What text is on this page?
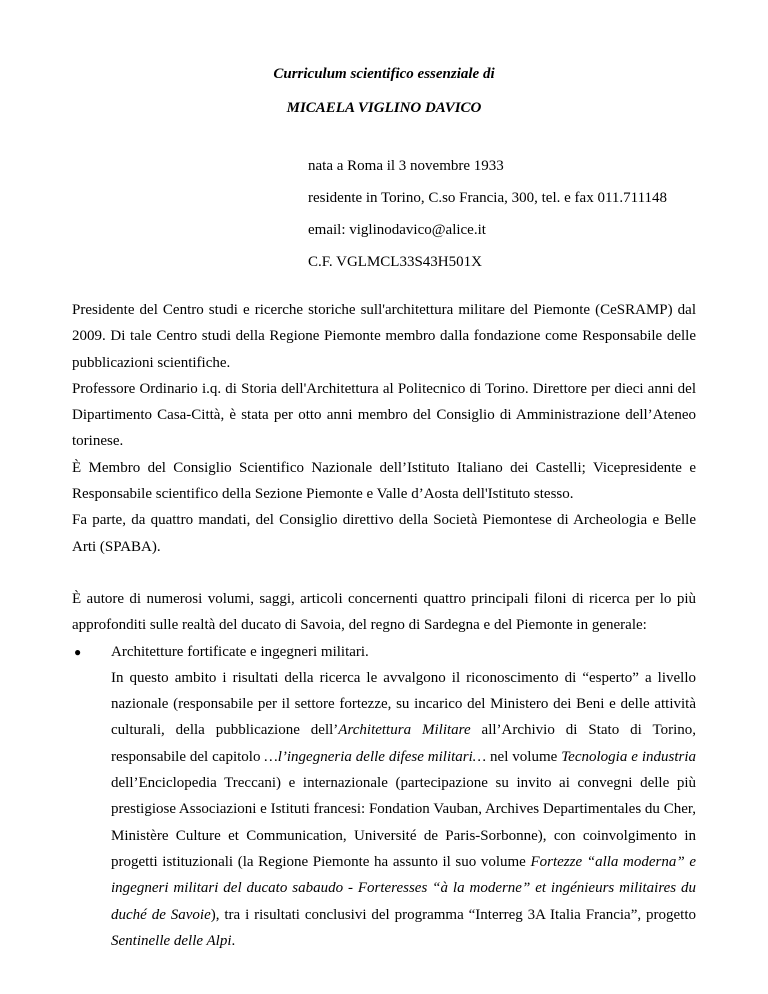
Curriculum scientifico essenziale di
MICAELA VIGLINO DAVICO
nata a Roma il 3 novembre 1933
residente in Torino, C.so Francia, 300, tel. e fax 011.711148
email: viglinodavico@alice.it
C.F. VGLMCL33S43H501X

Presidente del Centro studi e ricerche storiche sull'architettura militare del Piemonte (CeSRAMP) dal 2009. Di tale Centro studi della Regione Piemonte membro dalla fondazione come Responsabile delle pubblicazioni scientifiche.

Professore Ordinario i.q. di Storia dell'Architettura al Politecnico di Torino. Direttore per dieci anni del Dipartimento Casa-Città, è stata per otto anni membro del Consiglio di Amministrazione dell’Ateneo torinese.

È Membro del Consiglio Scientifico Nazionale dell’Istituto Italiano dei Castelli; Vicepresidente e Responsabile scientifico della Sezione Piemonte e Valle d’Aosta dell'Istituto stesso.

Fa parte, da quattro mandati, del Consiglio direttivo della Società Piemontese di Archeologia e Belle Arti (SPABA).

È autore di numerosi volumi, saggi, articoli concernenti quattro principali filoni di ricerca per lo più approfonditi sulle realtà del ducato di Savoia, del regno di Sardegna e del Piemonte in generale:

● Architetture fortificate e ingegneri militari.

In questo ambito i risultati della ricerca le avvalgono il riconoscimento di “esperto” a livello nazionale (responsabile per il settore fortezze, su incarico del Ministero dei Beni e delle attività culturali, della pubblicazione dell’Architettura Militare all’Archivio di Stato di Torino, responsabile del capitolo …l’ingegneria delle difese militari… nel volume Tecnologia e industria dell’Enciclopedia Treccani) e internazionale (partecipazione su invito ai convegni delle più prestigiose Associazioni e Istituti francesi: Fondation Vauban, Archives Departimentales du Cher, Ministère Culture et Communication, Université de Paris-Sorbonne), con coinvolgimento in progetti istituzionali (la Regione Piemonte ha assunto il suo volume Fortezze “alla moderna” e ingegneri militari del ducato sabaudo - Forteresses “à la moderne” et ingénieurs militaires du duché de Savoie), tra i risultati conclusivi del programma “Interreg 3A Italia Francia”, progetto Sentinelle delle Alpi.
